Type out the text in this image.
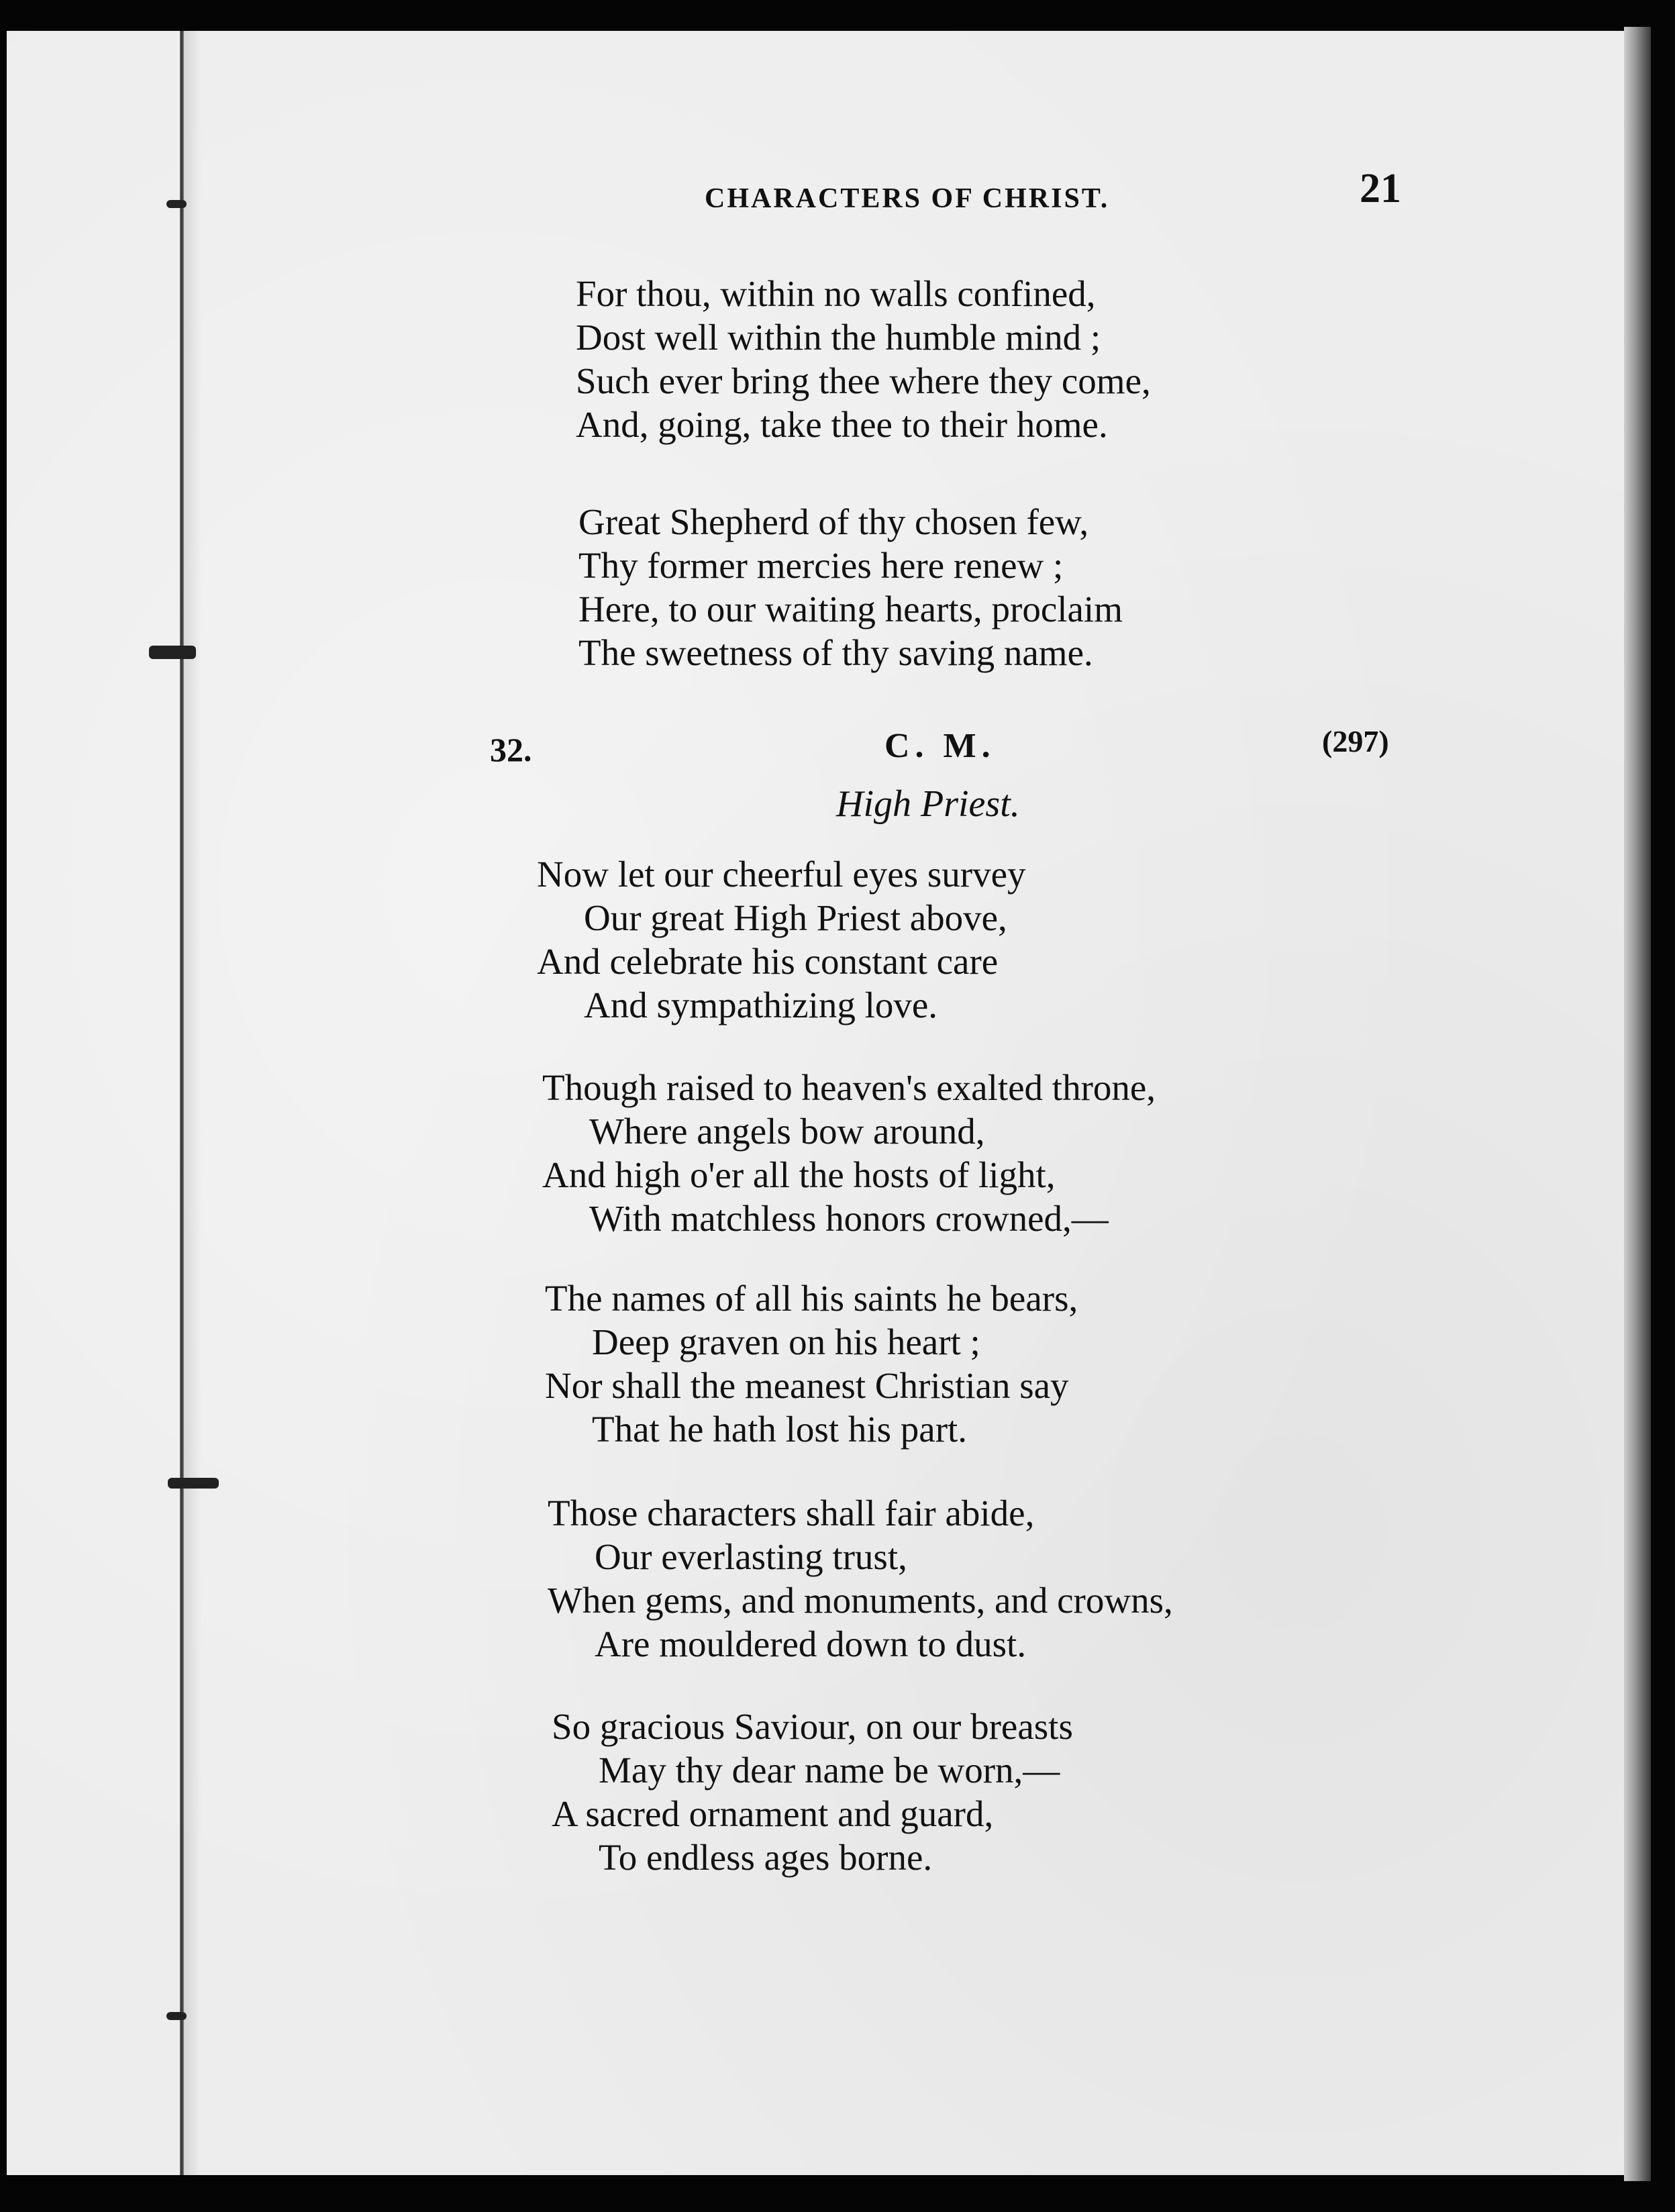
CHARACTERS OF CHRIST.	21
For thou, within no walls confined,
Dost well within the humble mind ;
Such ever bring thee where they come,
And, going, take thee to their home.
Great Shepherd of thy chosen few,
Thy former mercies here renew ;
Here, to our waiting hearts, proclaim
The sweetness of thy saving name.
32.	C. M.	(297)
High Priest.
Now let our cheerful eyes survey
Our great High Priest above,
And celebrate his constant care
And sympathizing love.
Though raised to heaven's exalted throne,
Where angels bow around,
And high o'er all the hosts of light,
With matchless honors crowned,—
The names of all his saints he bears,
Deep graven on his heart ;
Nor shall the meanest Christian say
That he hath lost his part.
Those characters shall fair abide,
Our everlasting trust,
When gems, and monuments, and crowns,
Are mouldered down to dust.
So gracious Saviour, on our breasts
May thy dear name be worn,—
A sacred ornament and guard,
To endless ages borne.
